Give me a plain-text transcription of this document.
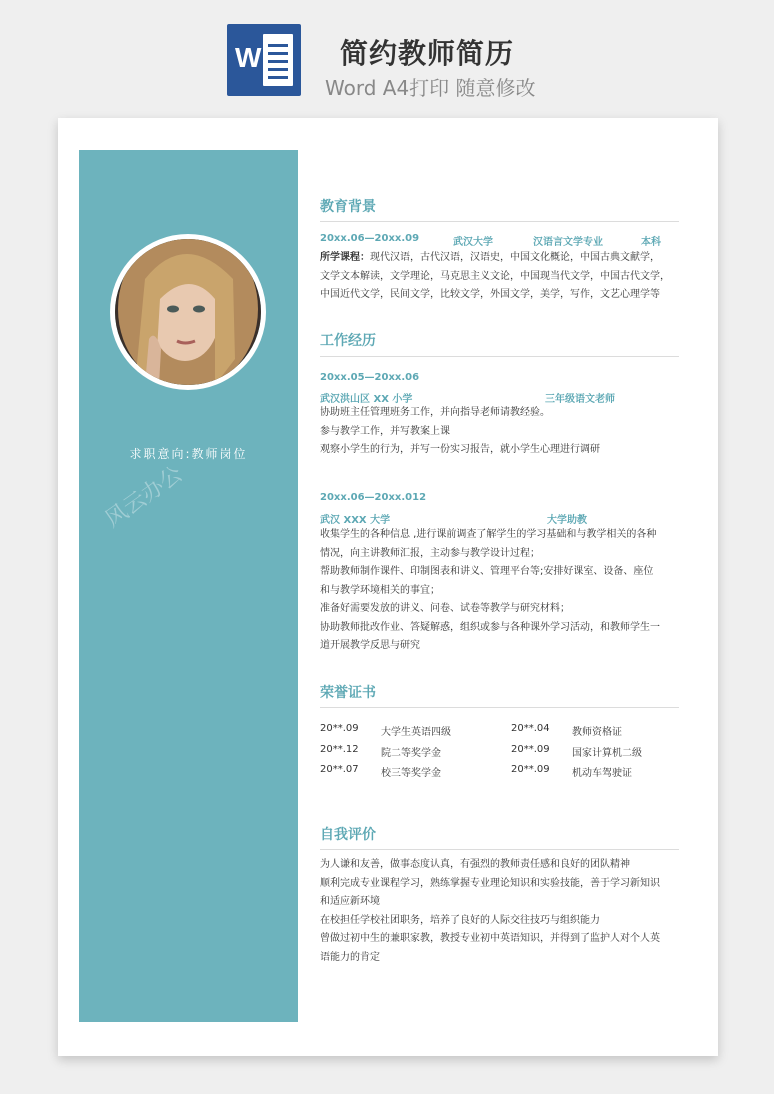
W	简约教师简历
Word A4打印 随意修改
求职意向:教师岗位
风云办公
教育背景
20xx.06—20xx.09	武汉大学	汉语言文学专业	本科
所学课程：现代汉语，古代汉语，汉语史，中国文化概论，中国古典文献学，
文学文本解读，文学理论，马克思主义文论，中国现当代文学，中国古代文学，
中国近代文学，民间文学，比较文学，外国文学，美学，写作，文艺心理学等
工作经历
20xx.05—20xx.06
武汉洪山区 XX 小学	三年级语文老师
协助班主任管理班务工作，并向指导老师请教经验。
参与教学工作，并写教案上课
观察小学生的行为，并写一份实习报告，就小学生心理进行调研
20xx.06—20xx.012
武汉 XXX 大学	大学助教
收集学生的各种信息 ,进行课前调查了解学生的学习基础和与教学相关的各种
情况，向主讲教师汇报，主动参与教学设计过程；
帮助教师制作课件、印制图表和讲义、管理平台等;安排好课室、设备、座位
和与教学环境相关的事宜；
准备好需要发放的讲义、问卷、试卷等教学与研究材料；
协助教师批改作业、答疑解惑，组织或参与各种课外学习活动，和教师学生一
道开展教学反思与研究
荣誉证书
20**.09 大学生英语四级	20**.04 教师资格证
20**.12 院二等奖学金	20**.09 国家计算机二级
20**.07 校三等奖学金	20**.09 机动车驾驶证
自我评价
为人谦和友善，做事态度认真，有强烈的教师责任感和良好的团队精神
顺利完成专业课程学习，熟练掌握专业理论知识和实验技能，善于学习新知识
和适应新环境
在校担任学校社团职务，培养了良好的人际交往技巧与组织能力
曾做过初中生的兼职家教，教授专业初中英语知识，并得到了监护人对个人英
语能力的肯定
